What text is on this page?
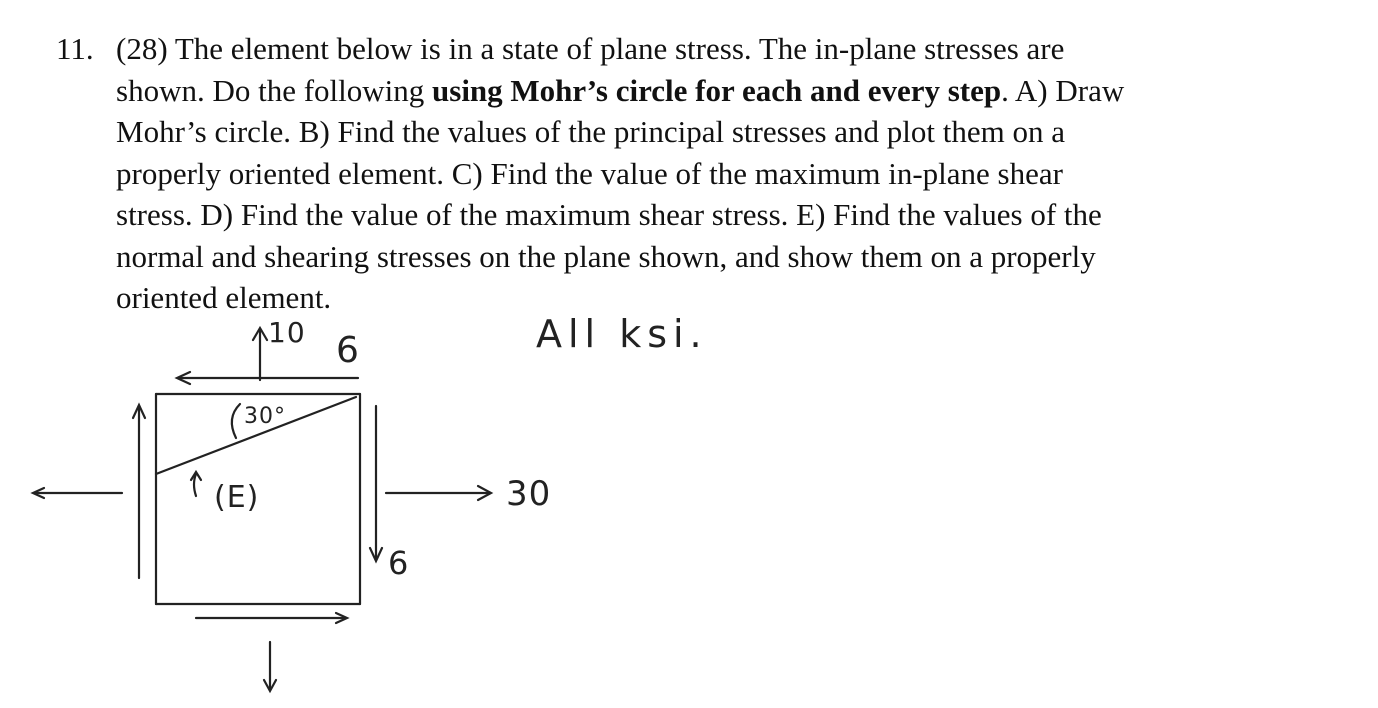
11. (28) The element below is in a state of plane stress. The in-plane stresses are
shown. Do the following using Mohr’s circle for each and every step. A) Draw
Mohr’s circle. B) Find the values of the principal stresses and plot them on a
properly oriented element. C) Find the value of the maximum in-plane shear
stress. D) Find the value of the maximum shear stress. E) Find the values of the
normal and shearing stresses on the plane shown, and show them on a properly
oriented element.
10 6	All ksi.
30°
(E)	30
6
